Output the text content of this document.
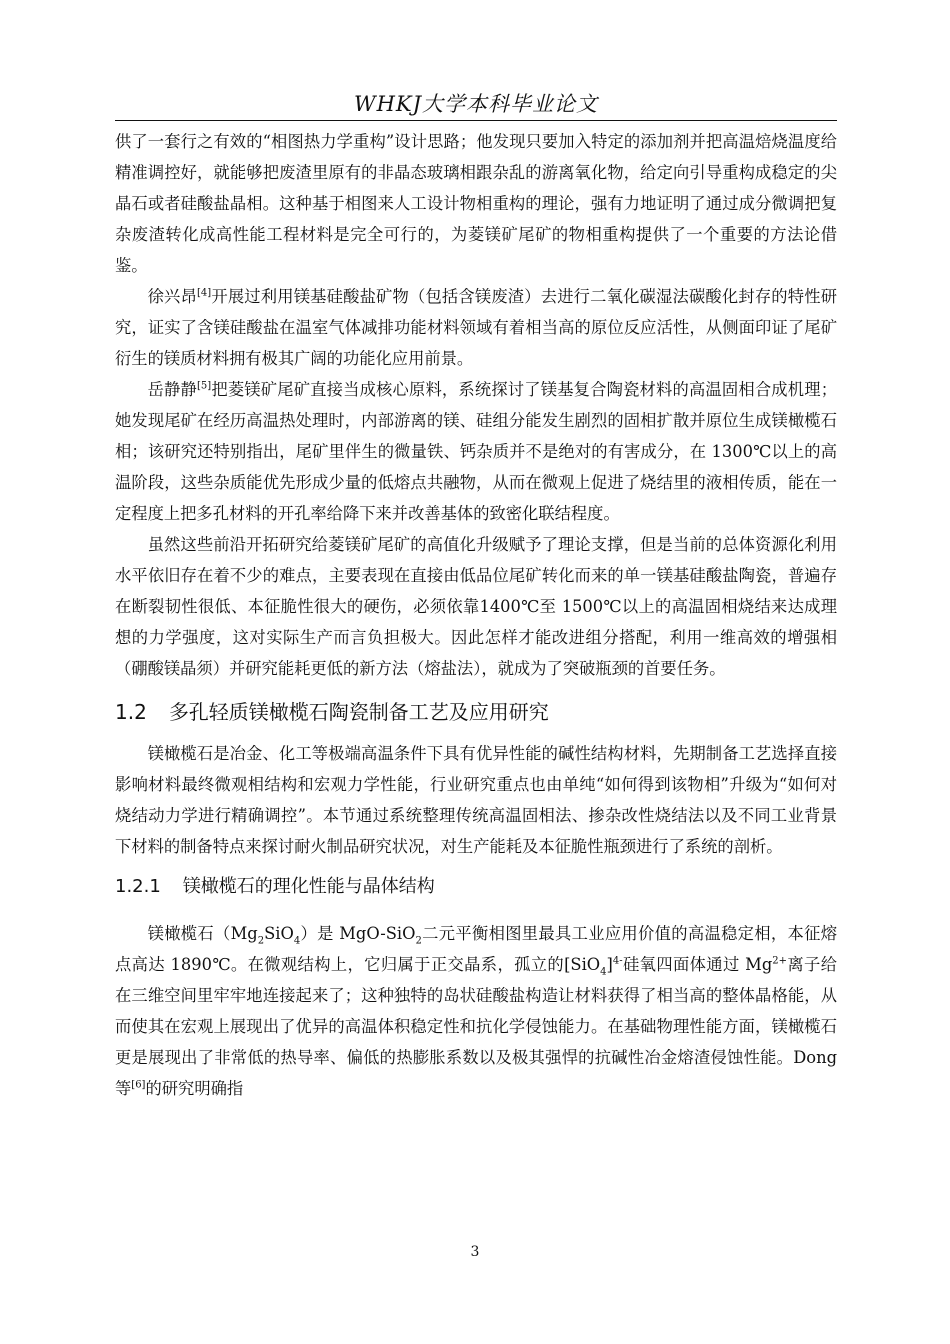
WHKJ大学本科毕业论文

供了一套行之有效的“相图热力学重构”设计思路；他发现只要加入特定的添加剂并把高温焙烧温度给精准调控好，就能够把废渣里原有的非晶态玻璃相跟杂乱的游离氧化物，给定向引导重构成稳定的尖晶石或者硅酸盐晶相。这种基于相图来人工设计物相重构的理论，强有力地证明了通过成分微调把复杂废渣转化成高性能工程材料是完全可行的，为菱镁矿尾矿的物相重构提供了一个重要的方法论借鉴。

徐兴昂[4]开展过利用镁基硅酸盐矿物（包括含镁废渣）去进行二氧化碳湿法碳酸化封存的特性研究，证实了含镁硅酸盐在温室气体减排功能材料领域有着相当高的原位反应活性，从侧面印证了尾矿衍生的镁质材料拥有极其广阔的功能化应用前景。

岳静静[5]把菱镁矿尾矿直接当成核心原料，系统探讨了镁基复合陶瓷材料的高温固相合成机理；她发现尾矿在经历高温热处理时，内部游离的镁、硅组分能发生剧烈的固相扩散并原位生成镁橄榄石相；该研究还特别指出，尾矿里伴生的微量铁、钙杂质并不是绝对的有害成分，在 1300℃以上的高温阶段，这些杂质能优先形成少量的低熔点共融物，从而在微观上促进了烧结里的液相传质，能在一定程度上把多孔材料的开孔率给降下来并改善基体的致密化联结程度。

虽然这些前沿开拓研究给菱镁矿尾矿的高值化升级赋予了理论支撑，但是当前的总体资源化利用水平依旧存在着不少的难点，主要表现在直接由低品位尾矿转化而来的单一镁基硅酸盐陶瓷，普遍存在断裂韧性很低、本征脆性很大的硬伤，必须依靠1400℃至 1500℃以上的高温固相烧结来达成理想的力学强度，这对实际生产而言负担极大。因此怎样才能改进组分搭配，利用一维高效的增强相（硼酸镁晶须）并研究能耗更低的新方法（熔盐法），就成为了突破瓶颈的首要任务。

1.2 多孔轻质镁橄榄石陶瓷制备工艺及应用研究

镁橄榄石是冶金、化工等极端高温条件下具有优异性能的碱性结构材料，先期制备工艺选择直接影响材料最终微观相结构和宏观力学性能，行业研究重点也由单纯“如何得到该物相”升级为“如何对烧结动力学进行精确调控”。本节通过系统整理传统高温固相法、掺杂改性烧结法以及不同工业背景下材料的制备特点来探讨耐火制品研究状况，对生产能耗及本征脆性瓶颈进行了系统的剖析。

1.2.1 镁橄榄石的理化性能与晶体结构

镁橄榄石$(Mg_2SiO_4)$是 MgO-SiO$_2$二元平衡相图里最具工业应用价值的高温稳定相，本征熔点高达 1890℃。在微观结构上，它归属于正交晶系，孤立的$[SiO_4]^{4-}$硅氧四面体通过 $Mg^{2+}$离子给在三维空间里牢牢地连接起来了；这种独特的岛状硅酸盐构造让材料获得了相当高的整体晶格能，从而使其在宏观上展现出了优异的高温体积稳定性和抗化学侵蚀能力。在基础物理性能方面，镁橄榄石更是展现出了非常低的热导率、偏低的热膨胀系数以及极其强悍的抗碱性冶金熔渣侵蚀性能。Dong 等[6]的研究明确指

3
